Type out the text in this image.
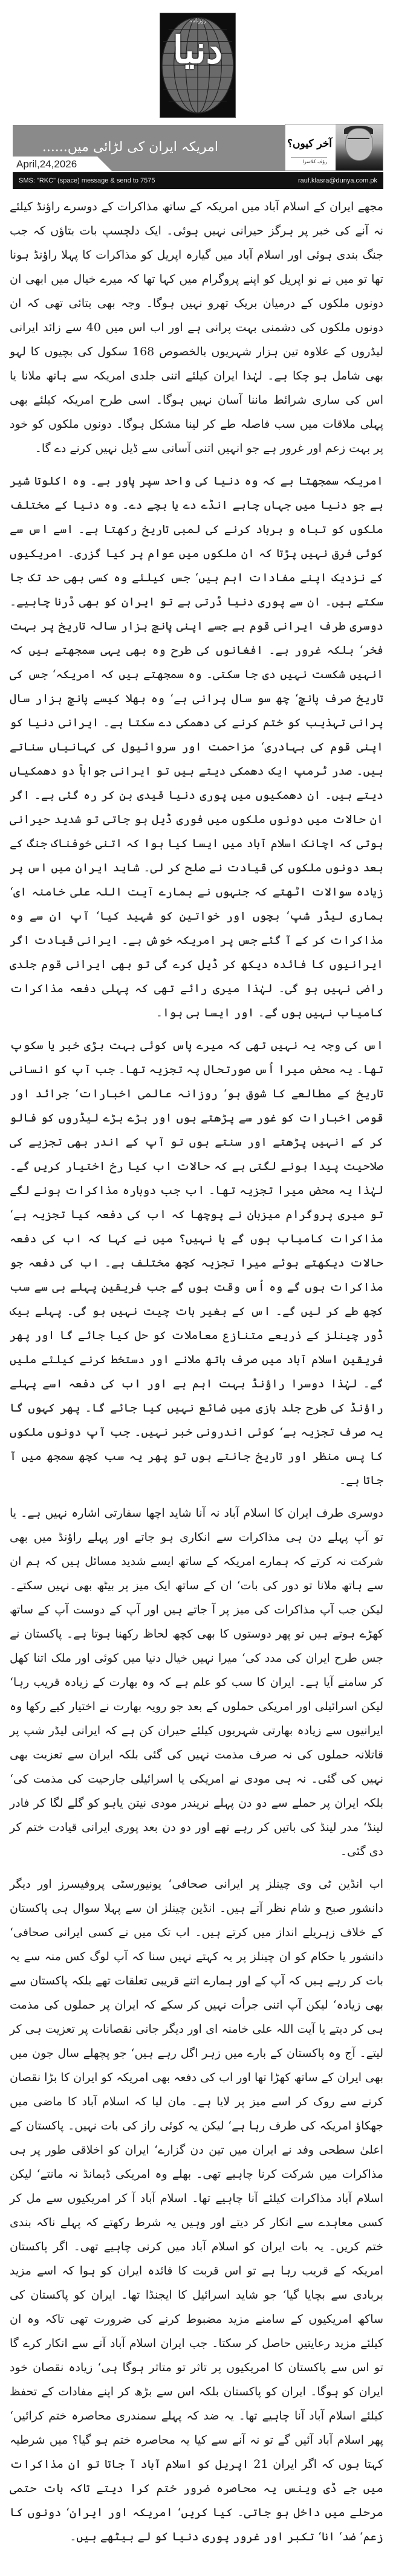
روزنامہ
دنیا
امریکہ ایران کی لڑائی میں......
April,24,2026
آخر کیوں؟
رؤف کلاسرا
SMS: "RKC" (space) message & send to 7575	rauf.klasra@dunya.com.pk

مجھے ایران کے اسلام آباد میں امریکہ کے ساتھ مذاکرات کے دوسرے راؤنڈ کیلئے نہ آنے کی خبر پر ہرگز حیرانی نہیں ہوئی۔ ایک دلچسپ بات بتاؤں کہ جب جنگ بندی ہوئی اور اسلام آباد میں گیارہ اپریل کو مذاکرات کا پہلا راؤنڈ ہونا تھا تو میں نے نو اپریل کو اپنے پروگرام میں کہا تھا کہ میرے خیال میں ابھی ان دونوں ملکوں کے درمیان بریک تھرو نہیں ہوگا۔ وجہ بھی بتائی تھی کہ ان دونوں ملکوں کی دشمنی بہت پرانی ہے اور اب اس میں 40 سے زائد ایرانی لیڈروں کے علاوہ تین ہزار شہریوں بالخصوص 168 سکول کی بچیوں کا لہو بھی شامل ہو چکا ہے۔ لہٰذا ایران کیلئے اتنی جلدی امریکہ سے ہاتھ ملانا یا اس کی ساری شرائط ماننا آسان نہیں ہوگا۔ اسی طرح امریکہ کیلئے بھی پہلی ملاقات میں سب فاصلہ طے کر لینا مشکل ہوگا۔ دونوں ملکوں کو خود پر بہت زعم اور غرور ہے جو انہیں اتنی آسانی سے ڈیل نہیں کرنے دے گا۔

امریکہ سمجھتا ہے کہ وہ دنیا کی واحد سپر پاور ہے۔ وہ اکلوتا شیر ہے جو دنیا میں جہاں چاہے انڈے دے یا بچے دے۔ وہ دنیا کے مختلف ملکوں کو تباہ و برباد کرنے کی لمبی تاریخ رکھتا ہے۔ اسے اس سے کوئی فرق نہیں پڑتا کہ ان ملکوں میں عوام پر کیا گزری۔ امریکیوں کے نزدیک اپنے مفادات اہم ہیں‘ جس کیلئے وہ کسی بھی حد تک جا سکتے ہیں۔ ان سے پوری دنیا ڈرتی ہے تو ایران کو بھی ڈرنا چاہیے۔ دوسری طرف ایرانی قوم ہے جسے اپنی پانچ ہزار سالہ تاریخ پر بہت فخر‘ بلکہ غرور ہے۔ افغانوں کی طرح وہ بھی یہی سمجھتے ہیں کہ انہیں شکست نہیں دی جا سکتی۔ وہ سمجھتے ہیں کہ امریکہ‘ جس کی تاریخ صرف پانچ‘ چھ سو سال پرانی ہے‘ وہ بھلا کیسے پانچ ہزار سال پرانی تہذیب کو ختم کرنے کی دھمکی دے سکتا ہے۔ ایرانی دنیا کو اپنی قوم کی بہادری‘ مزاحمت اور سروائیول کی کہانیاں سناتے ہیں۔ صدر ٹرمپ ایک دھمکی دیتے ہیں تو ایرانی جواباً دو دھمکیاں دیتے ہیں۔ ان دھمکیوں میں پوری دنیا قیدی بن کر رہ گئی ہے۔ اگر ان حالات میں دونوں ملکوں میں فوری ڈیل ہو جاتی تو شدید حیرانی ہوتی کہ اچانک اسلام آباد میں ایسا کیا ہوا کہ اتنی خوفناک جنگ کے بعد دونوں ملکوں کی قیادت نے صلح کر لی۔ شاید ایران میں اس پر زیادہ سوالات اٹھتے کہ جنہوں نے ہمارے آیت اللہ علی خامنہ ای‘ ہماری لیڈر شپ‘ بچوں اور خواتین کو شہید کیا‘ آپ ان سے وہ مذاکرات کر کے آ گئے جس پر امریکہ خوش ہے۔ ایرانی قیادت اگر ایرانیوں کا فائدہ دیکھ کر ڈیل کرے گی تو بھی ایرانی قوم جلدی راضی نہیں ہو گی۔ لہٰذا میری رائے تھی کہ پہلی دفعہ مذاکرات کامیاب نہیں ہوں گے۔ اور ایسا ہی ہوا۔

اس کی وجہ یہ نہیں تھی کہ میرے پاس کوئی بہت بڑی خبر یا سکوپ تھا۔ یہ محض میرا اُس صورتحال پہ تجزیہ تھا۔ جب آپ کو انسانی تاریخ کے مطالعے کا شوق ہو‘ روزانہ عالمی اخبارات‘ جرائد اور قومی اخبارات کو غور سے پڑھتے ہوں اور بڑے بڑے لیڈروں کو فالو کر کے انہیں پڑھتے اور سنتے ہوں تو آپ کے اندر بھی تجزیے کی صلاحیت پیدا ہونے لگتی ہے کہ حالات اب کیا رخ اختیار کریں گے۔ لہٰذا یہ محض میرا تجزیہ تھا۔ اب جب دوبارہ مذاکرات ہونے لگے تو میری پروگرام میزبان نے پوچھا کہ اب کی دفعہ کیا تجزیہ ہے‘ مذاکرات کامیاب ہوں گے یا نہیں؟ میں نے کہا کہ اب کی دفعہ حالات دیکھتے ہوئے میرا تجزیہ کچھ مختلف ہے۔ اب کی دفعہ جو مذاکرات ہوں گے وہ اُس وقت ہوں گے جب فریقین پہلے ہی سے سب کچھ طے کر لیں گے۔ اس کے بغیر بات چیت نہیں ہو گی۔ پہلے بیک ڈور چینلز کے ذریعے متنازع معاملات کو حل کیا جائے گا اور پھر فریقین اسلام آباد میں صرف ہاتھ ملانے اور دستخط کرنے کیلئے ملیں گے۔ لہٰذا دوسرا راؤنڈ بہت اہم ہے اور اب کی دفعہ اسے پہلے راؤنڈ کی طرح جلد بازی میں ضائع نہیں کیا جائے گا۔ پھر کہوں گا یہ صرف تجزیہ ہے‘ کوئی اندرونی خبر نہیں۔ جب آپ دونوں ملکوں کا پس منظر اور تاریخ جانتے ہوں تو پھر یہ سب کچھ سمجھ میں آ جاتا ہے۔

دوسری طرف ایران کا اسلام آباد نہ آنا شاید اچھا سفارتی اشارہ نہیں ہے۔ یا تو آپ پہلے دن ہی مذاکرات سے انکاری ہو جاتے اور پہلے راؤنڈ میں بھی شرکت نہ کرتے کہ ہمارے امریکہ کے ساتھ ایسے شدید مسائل ہیں کہ ہم ان سے ہاتھ ملانا تو دور کی بات‘ ان کے ساتھ ایک میز پر بیٹھ بھی نہیں سکتے۔ لیکن جب آپ مذاکرات کی میز پر آ جاتے ہیں اور آپ کے دوست آپ کے ساتھ کھڑے ہوتے ہیں تو پھر دوستوں کا بھی کچھ لحاظ رکھنا ہوتا ہے۔ پاکستان نے جس طرح ایران کی مدد کی‘ میرا نہیں خیال دنیا میں کوئی اور ملک اتنا کھل کر سامنے آیا ہے۔ ایران کا سب کو علم ہے کہ وہ بھارت کے زیادہ قریب رہا‘ لیکن اسرائیلی اور امریکی حملوں کے بعد جو رویہ بھارت نے اختیار کیے رکھا وہ ایرانیوں سے زیادہ بھارتی شہریوں کیلئے حیران کن ہے کہ ایرانی لیڈر شپ پر قاتلانہ حملوں کی نہ صرف مذمت نہیں کی گئی بلکہ ایران سے تعزیت بھی نہیں کی گئی۔ نہ ہی مودی نے امریکی یا اسرائیلی جارحیت کی مذمت کی‘ بلکہ ایران پر حملے سے دو دن پہلے نریندر مودی نیتن یاہو کو گلے لگا کر فادر لینڈ‘ مدر لینڈ کی باتیں کر رہے تھے اور دو دن بعد پوری ایرانی قیادت ختم کر دی گئی۔

اب انڈین ٹی وی چینلز پر ایرانی صحافی‘ یونیورسٹی پروفیسرز اور دیگر دانشور صبح و شام نظر آتے ہیں۔ انڈین چینلز ان سے پہلا سوال ہی پاکستان کے خلاف زہریلے انداز میں کرتے ہیں۔ اب تک میں نے کسی ایرانی صحافی‘ دانشور یا حکام کو ان چینلز پر یہ کہتے نہیں سنا کہ آپ لوگ کس منہ سے یہ بات کر رہے ہیں کہ آپ کے اور ہمارے اتنے قریبی تعلقات تھے بلکہ پاکستان سے بھی زیادہ‘ لیکن آپ اتنی جرأت نہیں کر سکے کہ ایران پر حملوں کی مذمت ہی کر دیتے یا آیت اللہ علی خامنہ ای اور دیگر جانی نقصانات پر تعزیت ہی کر لیتے۔ آج وہ پاکستان کے بارے میں زہر اگل رہے ہیں‘ جو پچھلے سال جون میں بھی ایران کے ساتھ کھڑا تھا اور اب کی دفعہ بھی امریکہ کو ایران کا بڑا نقصان کرنے سے روک کر اسے میز پر لایا ہے۔ مان لیا کہ اسلام آباد کا ماضی میں جھکاؤ امریکہ کی طرف رہا ہے‘ لیکن یہ کوئی راز کی بات نہیں۔ پاکستان کے اعلیٰ سطحی وفد نے ایران میں تین دن گزارے‘ ایران کو اخلاقی طور پر ہی مذاکرات میں شرکت کرنا چاہیے تھی۔ بھلے وہ امریکی ڈیمانڈ نہ مانتے‘ لیکن اسلام آباد مذاکرات کیلئے آنا چاہیے تھا۔ اسلام آباد آ کر امریکیوں سے مل کر کسی معاہدے سے انکار کر دیتے اور وہیں یہ شرط رکھتے کہ پہلے ناکہ بندی ختم کریں۔ یہ بات ایران کو اسلام آباد میں کرنی چاہیے تھی۔ اگر پاکستان امریکہ کے قریب رہا ہے تو اس قربت کا فائدہ ایران کو ہوا کہ اسے مزید بربادی سے بچایا گیا‘ جو شاید اسرائیل کا ایجنڈا تھا۔ ایران کو پاکستان کی ساکھ امریکیوں کے سامنے مزید مضبوط کرنے کی ضرورت تھی تاکہ وہ ان کیلئے مزید رعایتیں حاصل کر سکتا۔ جب ایران اسلام آباد آنے سے انکار کرے گا تو اس سے پاکستان کا امریکیوں پر تاثر تو متاثر ہوگا ہی‘ زیادہ نقصان خود ایران کو ہوگا۔ ایران کو پاکستان بلکہ اس سے بڑھ کر اپنے مفادات کے تحفظ کیلئے اسلام آباد آنا چاہیے تھا۔ یہ ضد کہ پہلے سمندری محاصرہ ختم کرائیں‘ پھر اسلام آباد آئیں گے تو نہ آنے سے کیا یہ محاصرہ ختم ہو گیا؟ میں شرطیہ کہتا ہوں کہ اگر ایران 21 اپریل کو اسلام آباد آ جاتا تو ان مذاکرات میں جے ڈی وینس یہ محاصرہ ضرور ختم کرا دیتے تاکہ بات حتمی مرحلے میں داخل ہو جاتی۔ کیا کریں‘ امریکہ اور ایران‘ دونوں کا زعم‘ ضد‘ انا‘ تکبر اور غرور پوری دنیا کو لے بیٹھے ہیں۔
